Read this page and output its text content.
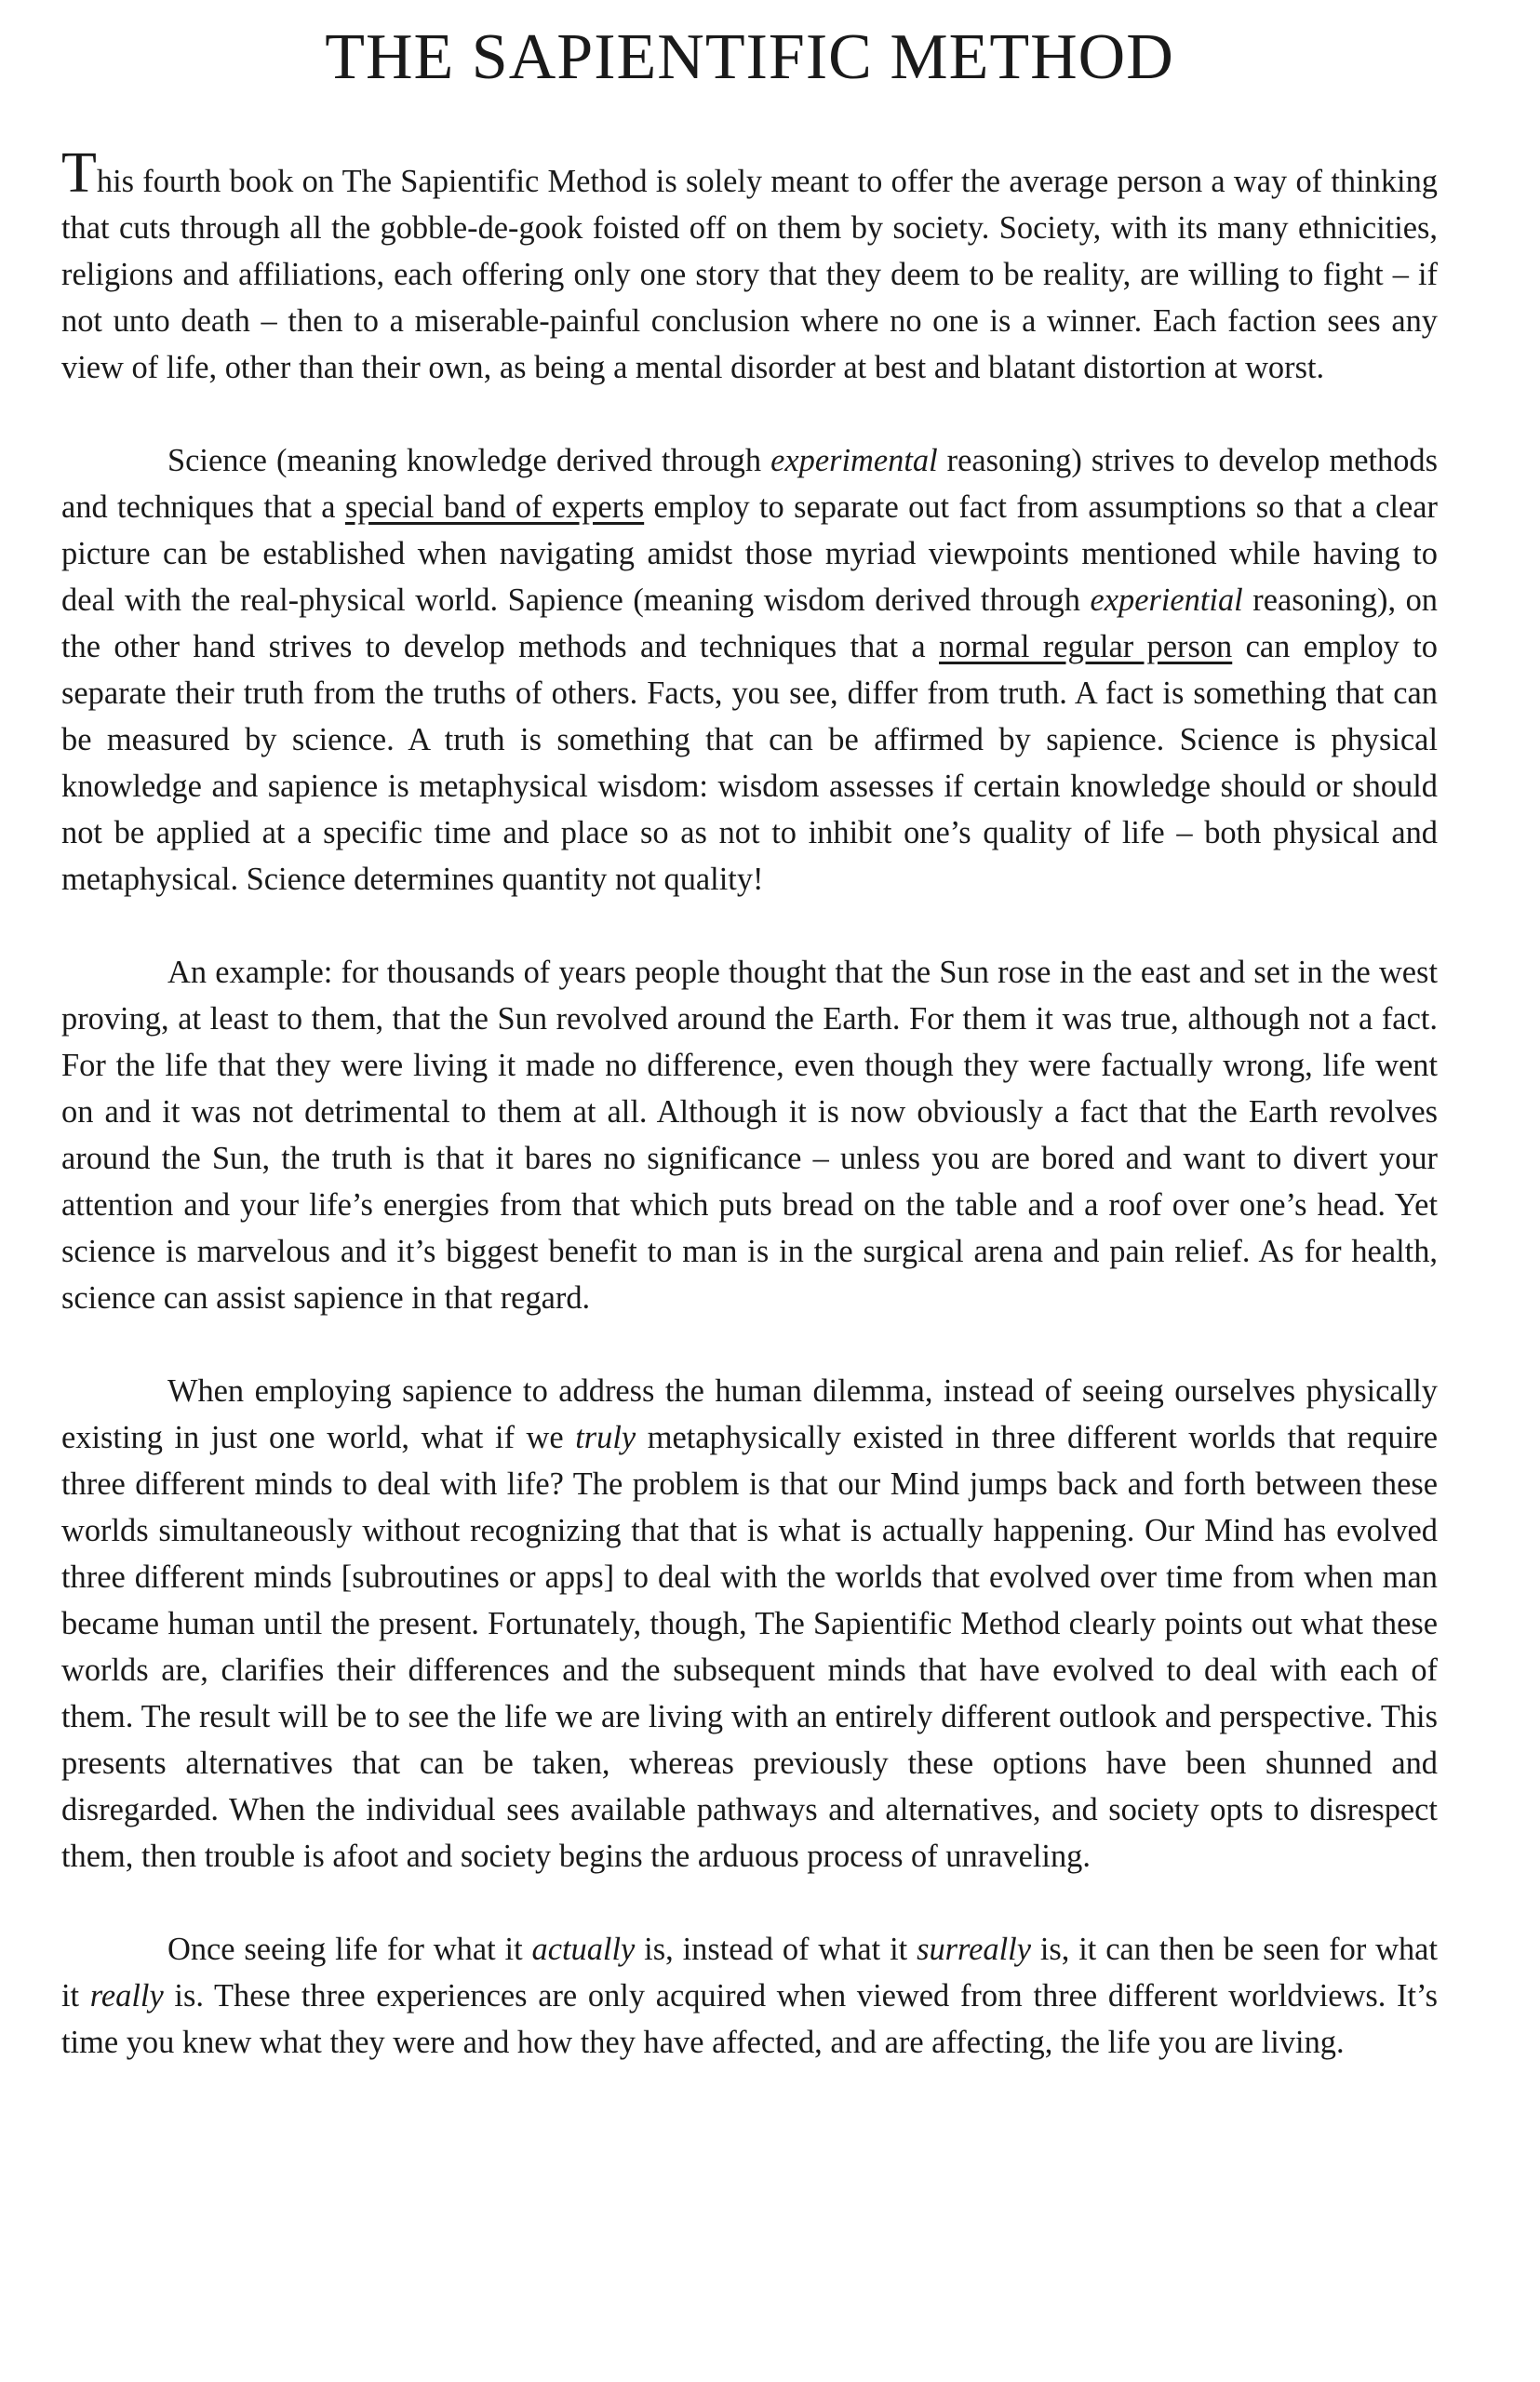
THE SAPIENTIFIC METHOD

This fourth book on The Sapientific Method is solely meant to offer the average person a way of thinking that cuts through all the gobble-de-gook foisted off on them by society. Society, with its many ethnicities, religions and affiliations, each offering only one story that they deem to be reality, are willing to fight – if not unto death – then to a miserable-painful conclusion where no one is a winner. Each faction sees any view of life, other than their own, as being a mental disorder at best and blatant distortion at worst.

Science (meaning knowledge derived through experimental reasoning) strives to develop methods and techniques that a special band of experts employ to separate out fact from assumptions so that a clear picture can be established when navigating amidst those myriad viewpoints mentioned while having to deal with the real-physical world. Sapience (meaning wisdom derived through experiential reasoning), on the other hand strives to develop methods and techniques that a normal regular person can employ to separate their truth from the truths of others. Facts, you see, differ from truth. A fact is something that can be measured by science. A truth is something that can be affirmed by sapience. Science is physical knowledge and sapience is metaphysical wisdom: wisdom assesses if certain knowledge should or should not be applied at a specific time and place so as not to inhibit one’s quality of life – both physical and metaphysical. Science determines quantity not quality!

An example: for thousands of years people thought that the Sun rose in the east and set in the west proving, at least to them, that the Sun revolved around the Earth. For them it was true, although not a fact. For the life that they were living it made no difference, even though they were factually wrong, life went on and it was not detrimental to them at all. Although it is now obviously a fact that the Earth revolves around the Sun, the truth is that it bares no significance – unless you are bored and want to divert your attention and your life’s energies from that which puts bread on the table and a roof over one’s head. Yet science is marvelous and it’s biggest benefit to man is in the surgical arena and pain relief. As for health, science can assist sapience in that regard.

When employing sapience to address the human dilemma, instead of seeing ourselves physically existing in just one world, what if we truly metaphysically existed in three different worlds that require three different minds to deal with life? The problem is that our Mind jumps back and forth between these worlds simultaneously without recognizing that that is what is actually happening. Our Mind has evolved three different minds [subroutines or apps] to deal with the worlds that evolved over time from when man became human until the present. Fortunately, though, The Sapientific Method clearly points out what these worlds are, clarifies their differences and the subsequent minds that have evolved to deal with each of them. The result will be to see the life we are living with an entirely different outlook and perspective. This presents alternatives that can be taken, whereas previously these options have been shunned and disregarded. When the individual sees available pathways and alternatives, and society opts to disrespect them, then trouble is afoot and society begins the arduous process of unraveling.

Once seeing life for what it actually is, instead of what it surreally is, it can then be seen for what it really is. These three experiences are only acquired when viewed from three different worldviews. It’s time you knew what they were and how they have affected, and are affecting, the life you are living.
